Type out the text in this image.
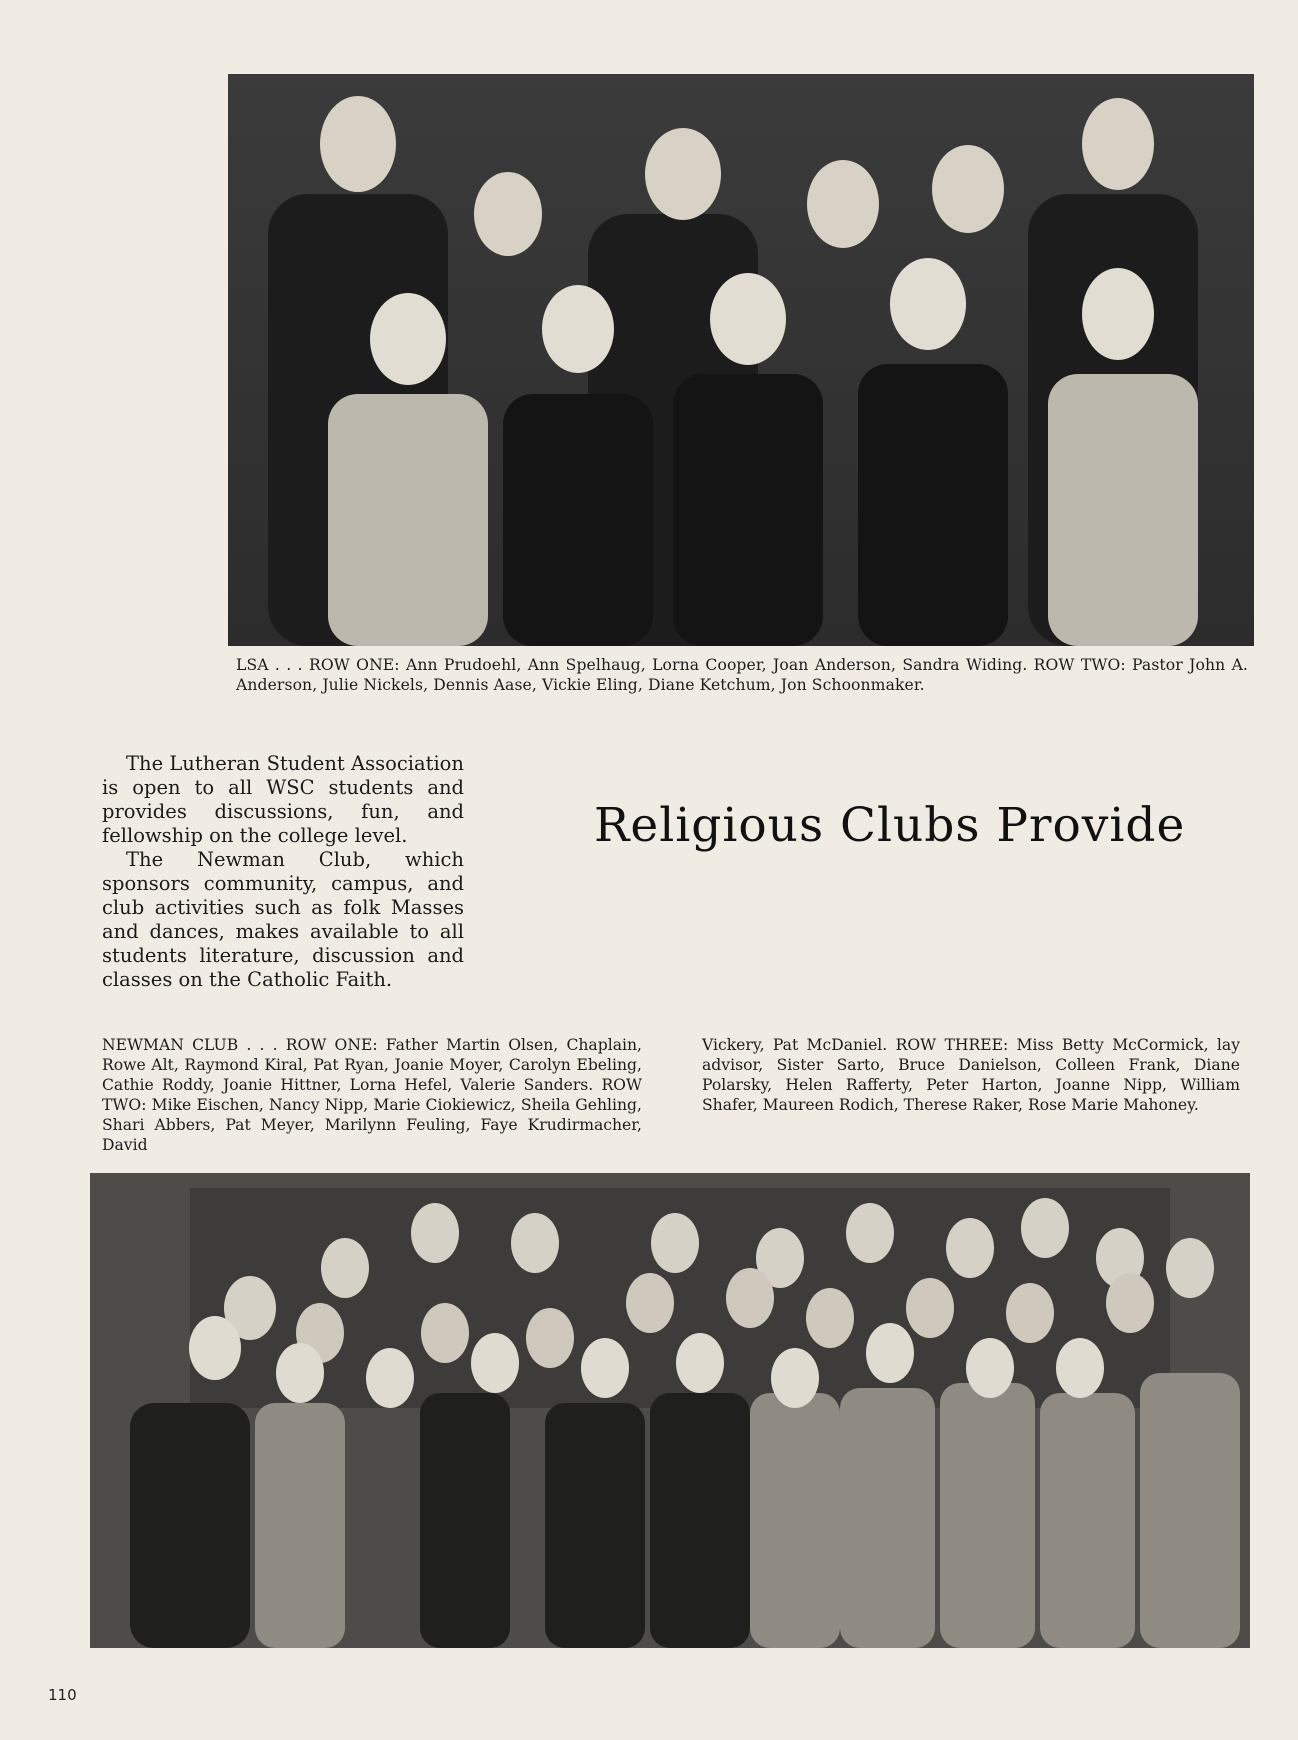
LSA . . . ROW ONE: Ann Prudoehl, Ann Spelhaug, Lorna Cooper, Joan Anderson, Sandra Widing. ROW TWO: Pastor John A. Anderson, Julie Nickels, Dennis Aase, Vickie Eling, Diane Ketchum, Jon Schoonmaker.

The Lutheran Student Association is open to all WSC students and provides discussions, fun, and fellowship on the college level.

The Newman Club, which sponsors community, campus, and club activities such as folk Masses and dances, makes available to all students literature, discussion and classes on the Catholic Faith.

Religious Clubs Provide
NEWMAN CLUB . . . ROW ONE: Father Martin Olsen, Chaplain, Rowe Alt, Raymond Kiral, Pat Ryan, Joanie Moyer, Carolyn Ebeling, Cathie Roddy, Joanie Hittner, Lorna Hefel, Valerie Sanders. ROW TWO: Mike Eischen, Nancy Nipp, Marie Ciokiewicz, Sheila Gehling, Shari Abbers, Pat Meyer, Marilynn Feuling, Faye Krudirmacher, David
Vickery, Pat McDaniel. ROW THREE: Miss Betty McCormick, lay advisor, Sister Sarto, Bruce Danielson, Colleen Frank, Diane Polarsky, Helen Rafferty, Peter Harton, Joanne Nipp, William Shafer, Maureen Rodich, Therese Raker, Rose Marie Mahoney.
110
